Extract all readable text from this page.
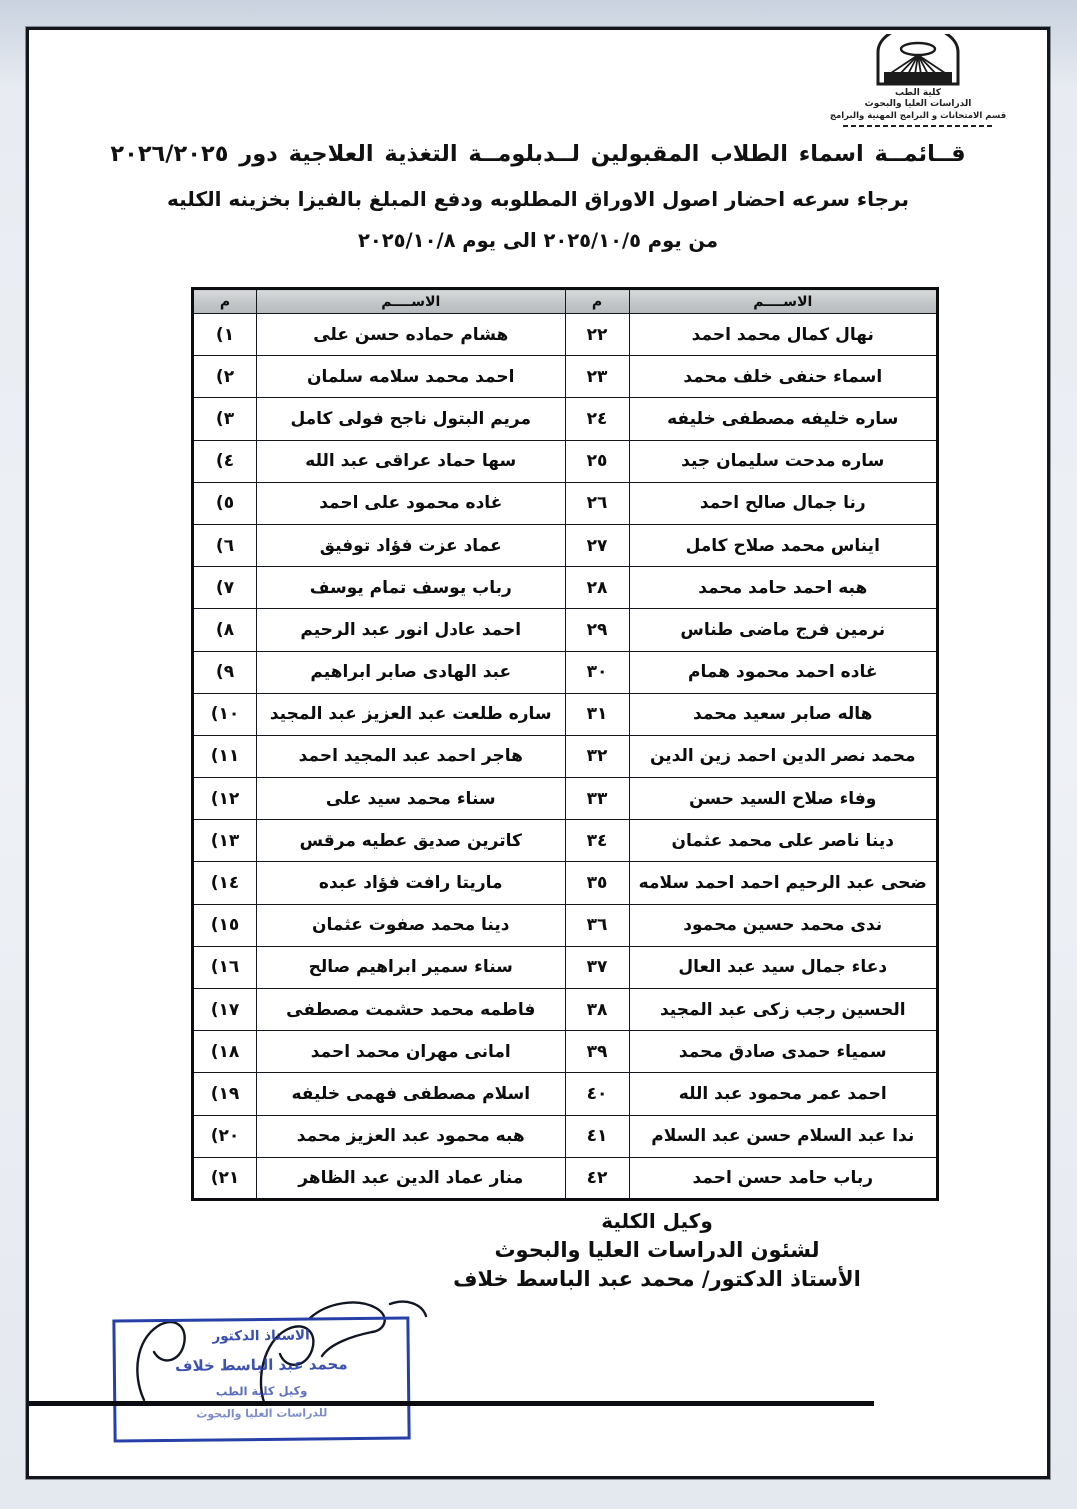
كلية الطب
الدراسات العليا والبحوث
قسم الامتحانات و البرامج المهنية والبرامج
قــائمــة اسماء الطلاب المقبولين لــدبلومــة التغذية العلاجية دور ٢٠٢٦/٢٠٢٥
برجاء سرعه احضار اصول الاوراق المطلوبه ودفع المبلغ بالفيزا بخزينه الكليه
من يوم ٢٠٢٥/١٠/٥ الى يوم ٢٠٢٥/١٠/٨
الاســــم	م	الاســــم	م
نهال كمال محمد احمد	٢٢	هشام حماده حسن على	١)
اسماء حنفى خلف محمد	٢٣	احمد محمد سلامه سلمان	٢)
ساره خليفه مصطفى خليفه	٢٤	مريم البتول ناجح فولى كامل	٣)
ساره مدحت سليمان جيد	٢٥	سها حماد عراقى عبد الله	٤)
رنا جمال صالح احمد	٢٦	غاده محمود على احمد	٥)
ايناس محمد صلاح كامل	٢٧	عماد عزت فؤاد توفيق	٦)
هبه احمد حامد محمد	٢٨	رباب يوسف تمام يوسف	٧)
نرمين فرج ماضى طناس	٢٩	احمد عادل انور عبد الرحيم	٨)
غاده احمد محمود همام	٣٠	عبد الهادى صابر ابراهيم	٩)
هاله صابر سعيد محمد	٣١	ساره طلعت عبد العزيز عبد المجيد	١٠)
محمد نصر الدين احمد زين الدين	٣٢	هاجر احمد عبد المجيد احمد	١١)
وفاء صلاح السيد حسن	٣٣	سناء محمد سيد على	١٢)
دينا ناصر على محمد عثمان	٣٤	كاترين صديق عطيه مرقس	١٣)
ضحى عبد الرحيم احمد احمد سلامه	٣٥	ماريتا رافت فؤاد عبده	١٤)
ندى محمد حسين محمود	٣٦	دينا محمد صفوت عثمان	١٥)
دعاء جمال سيد عبد العال	٣٧	سناء سمير ابراهيم صالح	١٦)
الحسين رجب زكى عبد المجيد	٣٨	فاطمه محمد حشمت مصطفى	١٧)
سمياء حمدى صادق محمد	٣٩	امانى مهران محمد احمد	١٨)
احمد عمر محمود عبد الله	٤٠	اسلام مصطفى فهمى خليفه	١٩)
ندا عبد السلام حسن عبد السلام	٤١	هبه محمود عبد العزيز محمد	٢٠)
رباب حامد حسن احمد	٤٢	منار عماد الدين عبد الظاهر	٢١)
وكيل الكلية
لشئون الدراسات العليا والبحوث
الأستاذ الدكتور/ محمد عبد الباسط خلاف
الاستاذ الدكتور
محمد عبد الباسط خلاف
وكيل كلية الطب
للدراسات العليا والبحوث
